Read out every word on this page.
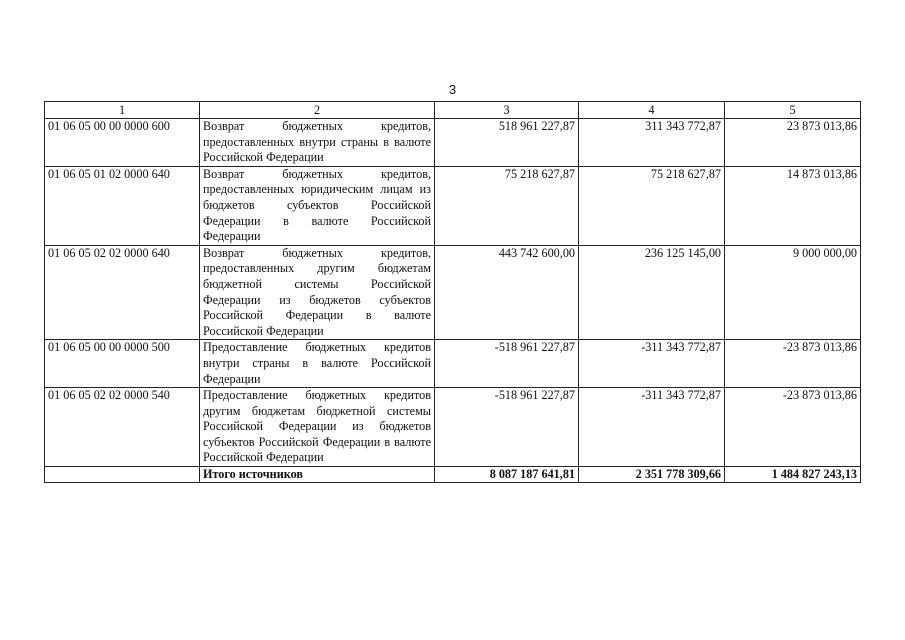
3
1	2	3	4	5
01 06 05 00 00 0000 600	Возврат бюджетных кредитов, предоставленных внутри страны в валюте Российской Федерации	518 961 227,87	311 343 772,87	23 873 013,86
01 06 05 01 02 0000 640	Возврат бюджетных кредитов, предоставленных юридическим лицам из бюджетов субъектов Российской Федерации в валюте Российской Федерации	75 218 627,87	75 218 627,87	14 873 013,86
01 06 05 02 02 0000 640	Возврат бюджетных кредитов, предоставленных другим бюджетам бюджетной системы Российской Федерации из бюджетов субъектов Российской Федерации в валюте Российской Федерации	443 742 600,00	236 125 145,00	9 000 000,00
01 06 05 00 00 0000 500	Предоставление бюджетных кредитов внутри страны в валюте Российской Федерации	-518 961 227,87	-311 343 772,87	-23 873 013,86
01 06 05 02 02 0000 540	Предоставление бюджетных кредитов другим бюджетам бюджетной системы Российской Федерации из бюджетов субъектов Российской Федерации в валюте Российской Федерации	-518 961 227,87	-311 343 772,87	-23 873 013,86
	Итого источников	8 087 187 641,81	2 351 778 309,66	1 484 827 243,13
